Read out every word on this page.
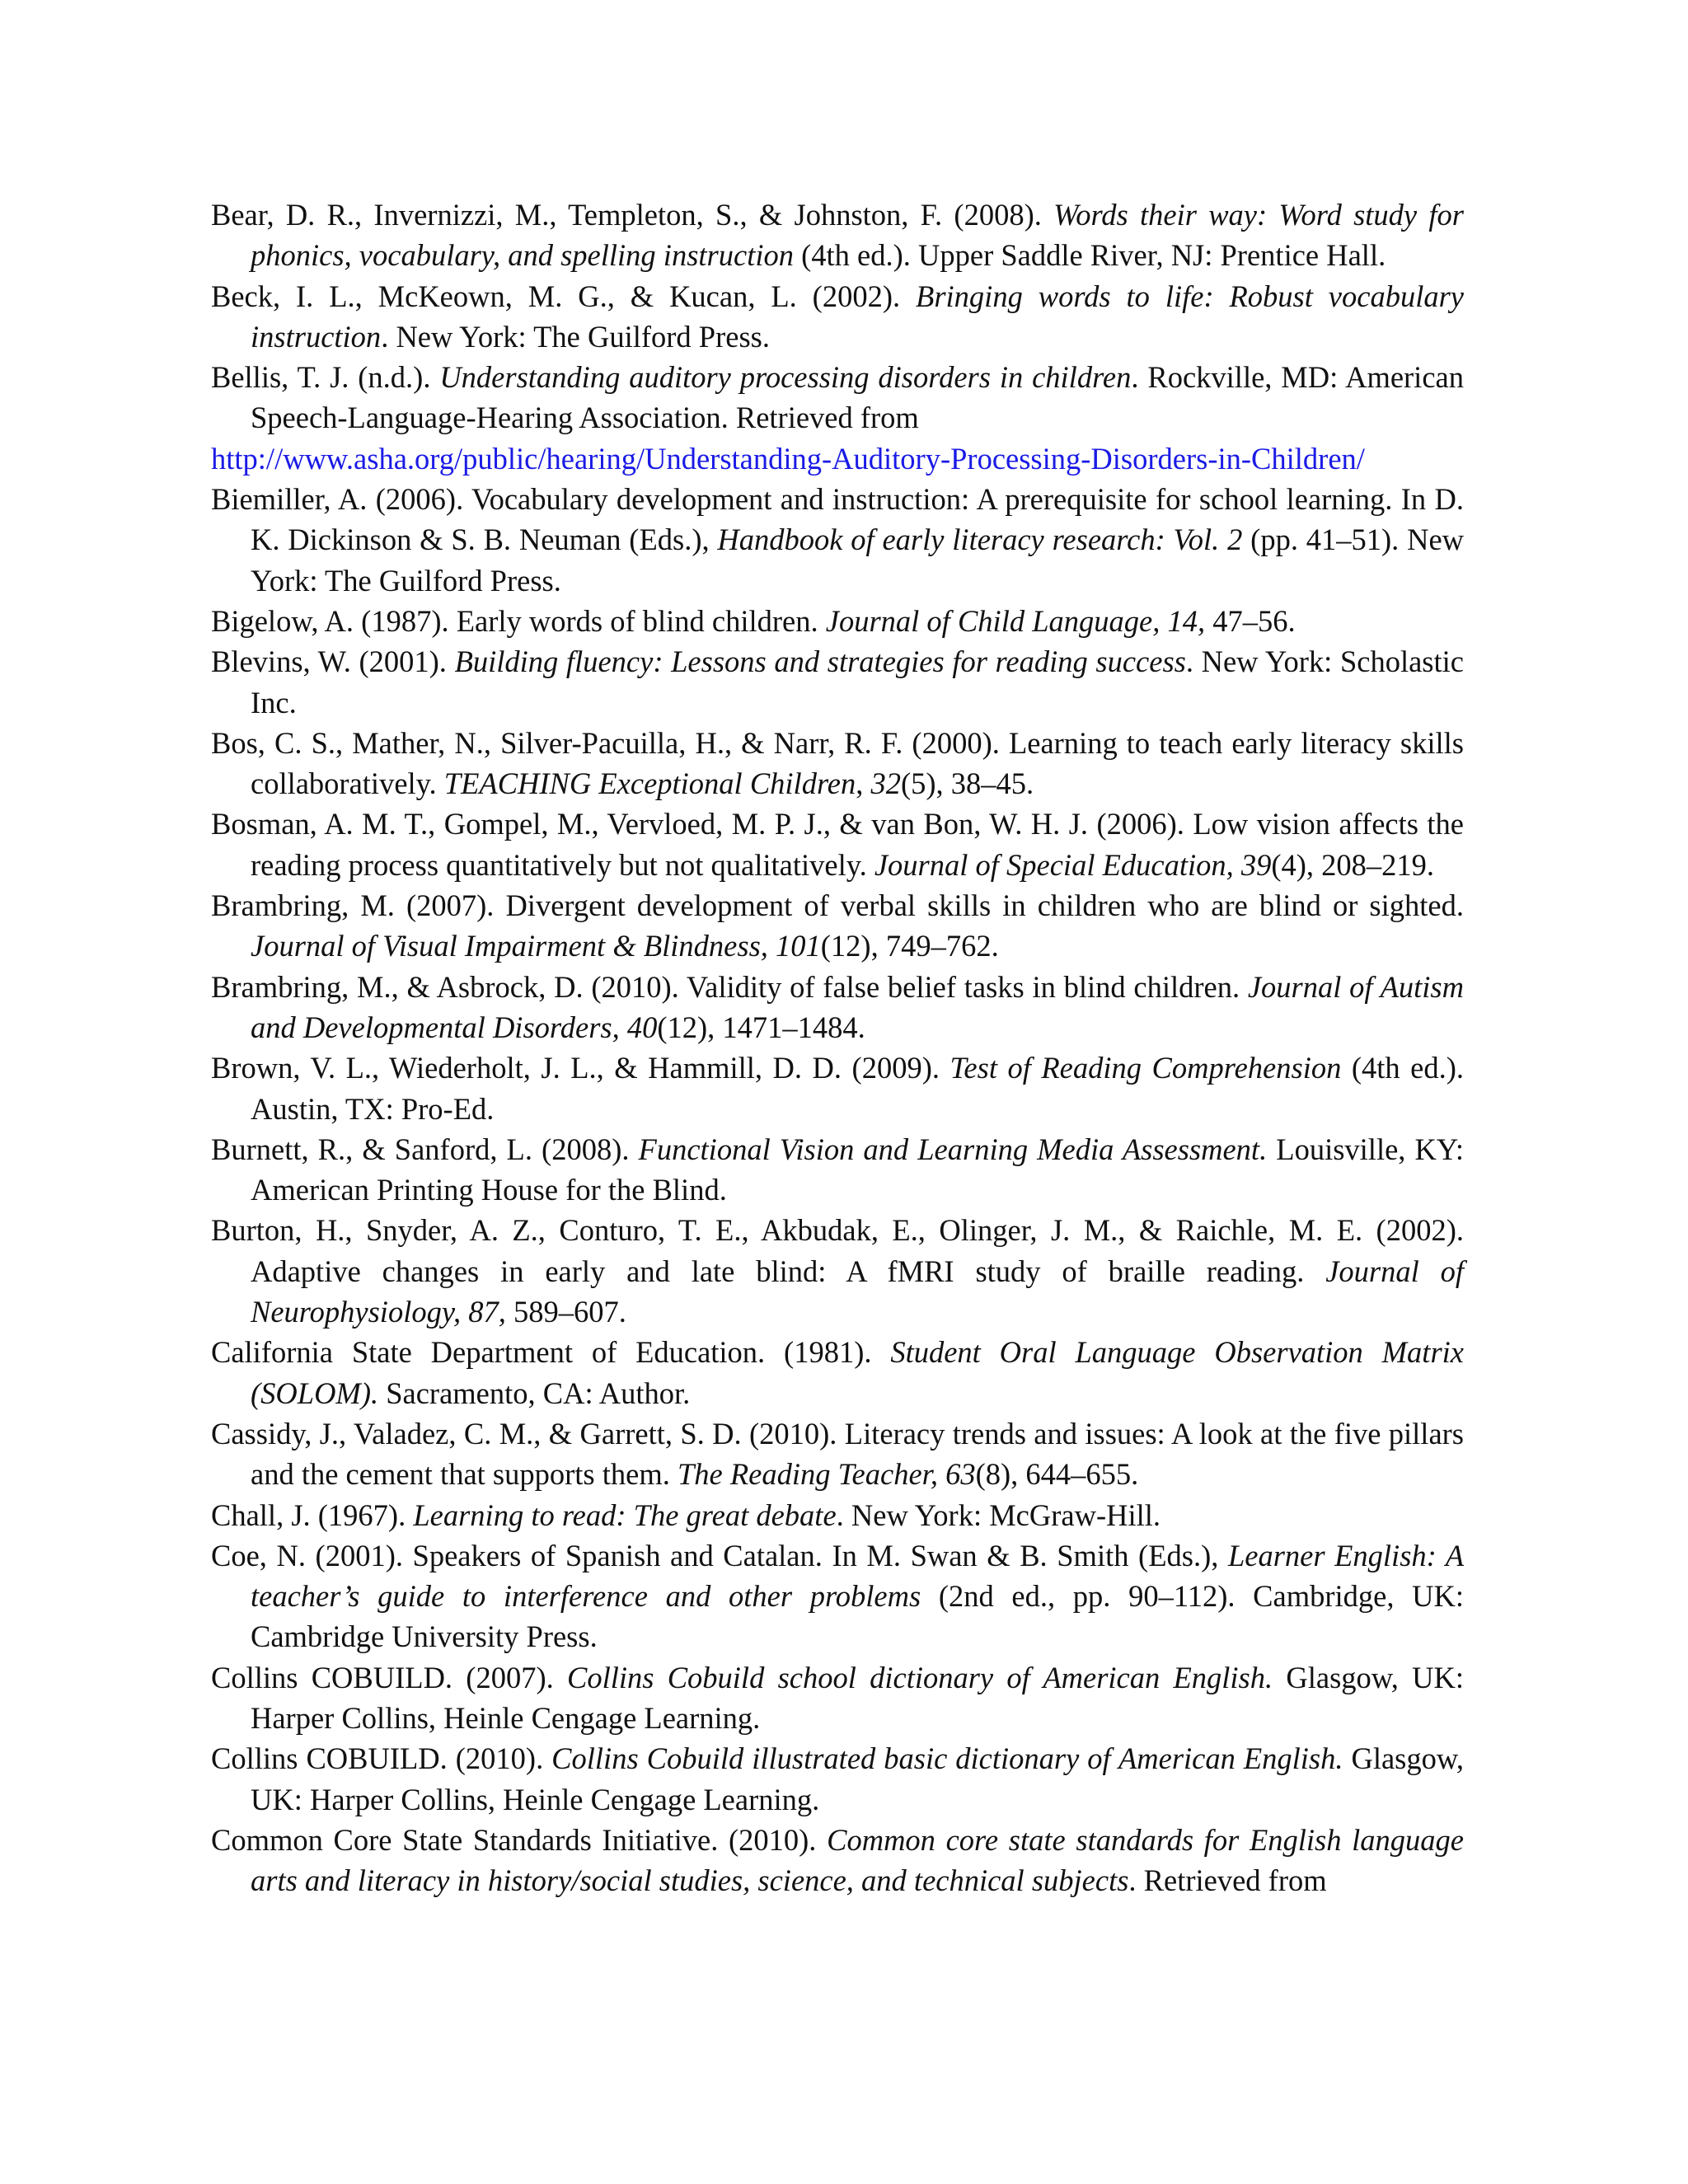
Bear, D. R., Invernizzi, M., Templeton, S., & Johnston, F. (2008). Words their way: Word study for phonics, vocabulary, and spelling instruction (4th ed.). Upper Saddle River, NJ: Prentice Hall.

Beck, I. L., McKeown, M. G., & Kucan, L. (2002). Bringing words to life: Robust vocabulary instruction. New York: The Guilford Press.

Bellis, T. J. (n.d.). Understanding auditory processing disorders in children. Rockville, MD: American Speech-Language-Hearing Association. Retrieved from
http://www.asha.org/public/hearing/Understanding-Auditory-Processing-Disorders-in-Children/

Biemiller, A. (2006). Vocabulary development and instruction: A prerequisite for school learning. In D. K. Dickinson & S. B. Neuman (Eds.), Handbook of early literacy research: Vol. 2 (pp. 41–51). New York: The Guilford Press.

Bigelow, A. (1987). Early words of blind children. Journal of Child Language, 14, 47–56.

Blevins, W. (2001). Building fluency: Lessons and strategies for reading success. New York: Scholastic Inc.

Bos, C. S., Mather, N., Silver-Pacuilla, H., & Narr, R. F. (2000). Learning to teach early literacy skills collaboratively. TEACHING Exceptional Children, 32(5), 38–45.

Bosman, A. M. T., Gompel, M., Vervloed, M. P. J., & van Bon, W. H. J. (2006). Low vision affects the reading process quantitatively but not qualitatively. Journal of Special Education, 39(4), 208–219.

Brambring, M. (2007). Divergent development of verbal skills in children who are blind or sighted. Journal of Visual Impairment & Blindness, 101(12), 749–762.

Brambring, M., & Asbrock, D. (2010). Validity of false belief tasks in blind children. Journal of Autism and Developmental Disorders, 40(12), 1471–1484.

Brown, V. L., Wiederholt, J. L., & Hammill, D. D. (2009). Test of Reading Comprehension (4th ed.). Austin, TX: Pro-Ed.

Burnett, R., & Sanford, L. (2008). Functional Vision and Learning Media Assessment. Louisville, KY: American Printing House for the Blind.

Burton, H., Snyder, A. Z., Conturo, T. E., Akbudak, E., Olinger, J. M., & Raichle, M. E. (2002). Adaptive changes in early and late blind: A fMRI study of braille reading. Journal of Neurophysiology, 87, 589–607.

California State Department of Education. (1981). Student Oral Language Observation Matrix (SOLOM). Sacramento, CA: Author.

Cassidy, J., Valadez, C. M., & Garrett, S. D. (2010). Literacy trends and issues: A look at the five pillars and the cement that supports them. The Reading Teacher, 63(8), 644–655.

Chall, J. (1967). Learning to read: The great debate. New York: McGraw-Hill.

Coe, N. (2001). Speakers of Spanish and Catalan. In M. Swan & B. Smith (Eds.), Learner English: A teacher’s guide to interference and other problems (2nd ed., pp. 90–112). Cambridge, UK: Cambridge University Press.

Collins COBUILD. (2007). Collins Cobuild school dictionary of American English. Glasgow, UK: Harper Collins, Heinle Cengage Learning.

Collins COBUILD. (2010). Collins Cobuild illustrated basic dictionary of American English. Glasgow, UK: Harper Collins, Heinle Cengage Learning.

Common Core State Standards Initiative. (2010). Common core state standards for English language arts and literacy in history/social studies, science, and technical subjects. Retrieved from
